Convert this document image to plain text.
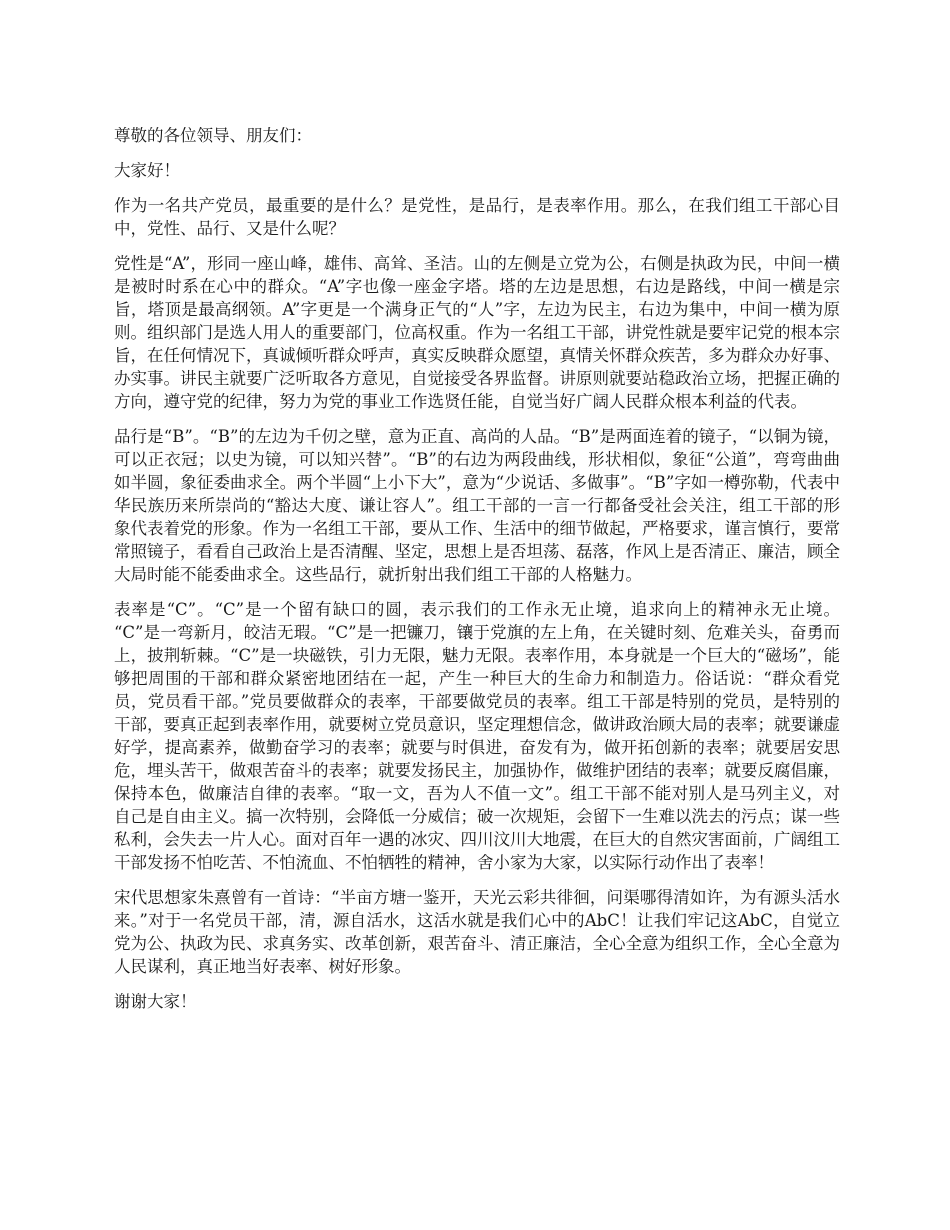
尊敬的各位领导、朋友们：

大家好！

作为一名共产党员，最重要的是什么？是党性，是品行，是表率作用。那么，在我们组工干部心目中，党性、品行、又是什么呢？

党性是“A”，形同一座山峰，雄伟、高耸、圣洁。山的左侧是立党为公，右侧是执政为民，中间一横是被时时系在心中的群众。“A”字也像一座金字塔。塔的左边是思想，右边是路线，中间一横是宗旨，塔顶是最高纲领。A”字更是一个满身正气的“人”字，左边为民主，右边为集中，中间一横为原则。组织部门是选人用人的重要部门，位高权重。作为一名组工干部，讲党性就是要牢记党的根本宗旨，在任何情况下，真诚倾听群众呼声，真实反映群众愿望，真情关怀群众疾苦，多为群众办好事、办实事。讲民主就要广泛听取各方意见，自觉接受各界监督。讲原则就要站稳政治立场，把握正确的方向，遵守党的纪律，努力为党的事业工作选贤任能，自觉当好广阔人民群众根本利益的代表。

品行是“B”。“B”的左边为千仞之壁，意为正直、高尚的人品。“B”是两面连着的镜子，“以铜为镜，可以正衣冠；以史为镜，可以知兴替”。“B”的右边为两段曲线，形状相似，象征“公道”，弯弯曲曲如半圆，象征委曲求全。两个半圆“上小下大”，意为“少说话、多做事”。“B”字如一樽弥勒，代表中华民族历来所崇尚的“豁达大度、谦让容人”。组工干部的一言一行都备受社会关注，组工干部的形象代表着党的形象。作为一名组工干部，要从工作、生活中的细节做起，严格要求，谨言慎行，要常常照镜子，看看自己政治上是否清醒、坚定，思想上是否坦荡、磊落，作风上是否清正、廉洁，顾全大局时能不能委曲求全。这些品行，就折射出我们组工干部的人格魅力。

表率是“C”。“C”是一个留有缺口的圆，表示我们的工作永无止境，追求向上的精神永无止境。 “C”是一弯新月，皎洁无瑕。“C”是一把镰刀，镶于党旗的左上角，在关键时刻、危难关头，奋勇而上，披荆斩棘。“C”是一块磁铁，引力无限，魅力无限。表率作用，本身就是一个巨大的“磁场”，能够把周围的干部和群众紧密地团结在一起，产生一种巨大的生命力和制造力。俗话说：“群众看党员，党员看干部。”党员要做群众的表率，干部要做党员的表率。组工干部是特别的党员，是特别的干部，要真正起到表率作用，就要树立党员意识，坚定理想信念，做讲政治顾大局的表率；就要谦虚好学，提高素养，做勤奋学习的表率；就要与时俱进，奋发有为，做开拓创新的表率；就要居安思危，埋头苦干，做艰苦奋斗的表率；就要发扬民主，加强协作，做维护团结的表率；就要反腐倡廉，保持本色，做廉洁自律的表率。“取一文，吾为人不值一文”。组工干部不能对别人是马列主义，对自己是自由主义。搞一次特别，会降低一分威信；破一次规矩，会留下一生难以洗去的污点；谋一些私利，会失去一片人心。面对百年一遇的冰灾、四川汶川大地震，在巨大的自然灾害面前，广阔组工干部发扬不怕吃苦、不怕流血、不怕牺牲的精神，舍小家为大家，以实际行动作出了表率！

宋代思想家朱熹曾有一首诗：“半亩方塘一鉴开，天光云彩共徘徊，问渠哪得清如许，为有源头活水来。”对于一名党员干部，清，源自活水，这活水就是我们心中的AbC！让我们牢记这AbC，自觉立党为公、执政为民、求真务实、改革创新，艰苦奋斗、清正廉洁，全心全意为组织工作，全心全意为人民谋利，真正地当好表率、树好形象。

谢谢大家！
